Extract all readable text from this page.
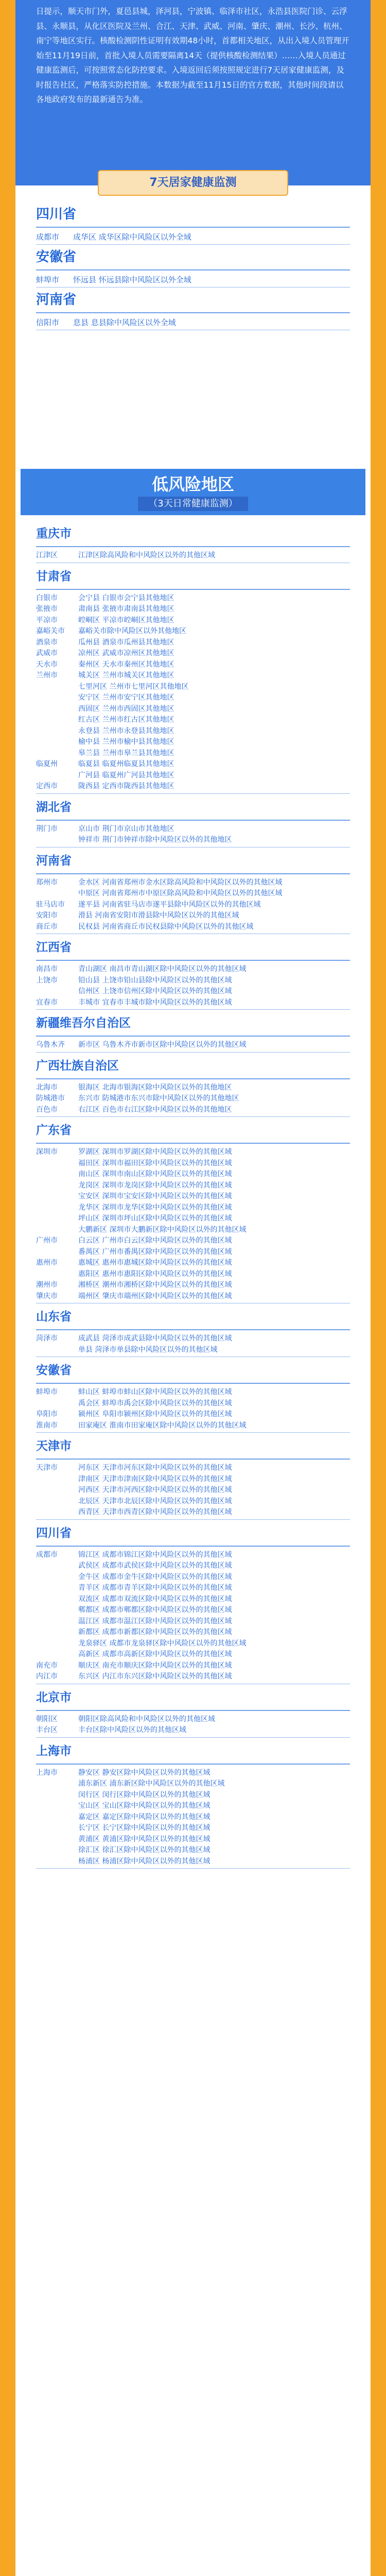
日提示，顺天市门外，夏邑县城，泽河县，宁波镇、临泽市社区，永浩县医院门诊、云浮县、永顺县，从化区医院及兰州、合江、天津、武威、河南、肇庆、潮州、长沙、杭州、南宁等地区实行。核酸检测阴性证明有效期48小时，首都相关地区，从出入境人员管理开始至11月19日前，首批入境人员需要隔离14天（提供核酸检测结果）……入境人员通过健康监测后，可按照常态化防控要求。入境返回后须按照规定进行7天居家健康监测，及时报告社区，严格落实防控措施。本数据为截至11月15日的官方数据，其他时间段请以各地政府发布的最新通告为准。
7天居家健康监测
四川省
成都市	成华区 成华区除中风险区以外全域
安徽省
蚌埠市	怀远县 怀远县除中风险区以外全域
河南省
信阳市	息县 息县除中风险区以外全域
低风险地区
（3天日常健康监测）
重庆市
江津区	江津区除高风险和中风险区以外的其他区域
甘肃省
白银市	会宁县 白银市会宁县其他地区
张掖市	肃南县 张掖市肃南县其他地区
平凉市	崆峒区 平凉市崆峒区其他地区
嘉峪关市	嘉峪关市除中风险区以外其他地区
酒泉市	瓜州县 酒泉市瓜州县其他地区
武威市	凉州区 武威市凉州区其他地区
天水市	秦州区 天水市秦州区其他地区
兰州市	城关区 兰州市城关区其他地区
七里河区 兰州市七里河区其他地区
安宁区 兰州市安宁区其他地区
西固区 兰州市西固区其他地区
红古区 兰州市红古区其他地区
永登县 兰州市永登县其他地区
榆中县 兰州市榆中县其他地区
皋兰县 兰州市皋兰县其他地区
临夏州	临夏县 临夏州临夏县其他地区
广河县 临夏州广河县其他地区
定西市	陇西县 定西市陇西县其他地区
湖北省
荆门市	京山市 荆门市京山市其他地区
钟祥市 荆门市钟祥市除中风险区以外的其他地区
河南省
郑州市	金水区 河南省郑州市金水区除高风险和中风险区以外的其他区域
中原区 河南省郑州市中原区除高风险和中风险区以外的其他区域
驻马店市	遂平县 河南省驻马店市遂平县除中风险区以外的其他区域
安阳市	滑县 河南省安阳市滑县除中风险区以外的其他区域
商丘市	民权县 河南省商丘市民权县除中风险区以外的其他区域
江西省
南昌市	青山湖区 南昌市青山湖区除中风险区以外的其他区域
上饶市	铅山县 上饶市铅山县除中风险区以外的其他区域
信州区 上饶市信州区除中风险区以外的其他区域
宜春市	丰城市 宜春市丰城市除中风险区以外的其他区域
新疆维吾尔自治区
乌鲁木齐	新市区 乌鲁木齐市新市区除中风险区以外的其他区域
广西壮族自治区
北海市	银海区 北海市银海区除中风险区以外的其他地区
防城港市	东兴市 防城港市东兴市除中风险区以外的其他地区
百色市	右江区 百色市右江区除中风险区以外的其他地区
广东省
深圳市	罗湖区 深圳市罗湖区除中风险区以外的其他区域
福田区 深圳市福田区除中风险区以外的其他区域
南山区 深圳市南山区除中风险区以外的其他区域
龙岗区 深圳市龙岗区除中风险区以外的其他区域
宝安区 深圳市宝安区除中风险区以外的其他区域
龙华区 深圳市龙华区除中风险区以外的其他区域
坪山区 深圳市坪山区除中风险区以外的其他区域
大鹏新区 深圳市大鹏新区除中风险区以外的其他区域
广州市	白云区 广州市白云区除中风险区以外的其他区域
番禺区 广州市番禺区除中风险区以外的其他区域
惠州市	惠城区 惠州市惠城区除中风险区以外的其他区域
惠阳区 惠州市惠阳区除中风险区以外的其他区域
潮州市	湘桥区 潮州市湘桥区除中风险区以外的其他区域
肇庆市	端州区 肇庆市端州区除中风险区以外的其他区域
山东省
菏泽市	成武县 菏泽市成武县除中风险区以外的其他区域
单县 菏泽市单县除中风险区以外的其他区域
安徽省
蚌埠市	蚌山区 蚌埠市蚌山区除中风险区以外的其他区域
禹会区 蚌埠市禹会区除中风险区以外的其他区域
阜阳市	颍州区 阜阳市颍州区除中风险区以外的其他区域
淮南市	田家庵区 淮南市田家庵区除中风险区以外的其他区域
天津市
天津市	河东区 天津市河东区除中风险区以外的其他区域
津南区 天津市津南区除中风险区以外的其他区域
河西区 天津市河西区除中风险区以外的其他区域
北辰区 天津市北辰区除中风险区以外的其他区域
西青区 天津市西青区除中风险区以外的其他区域
四川省
成都市	锦江区 成都市锦江区除中风险区以外的其他区域
武侯区 成都市武侯区除中风险区以外的其他区域
金牛区 成都市金牛区除中风险区以外的其他区域
青羊区 成都市青羊区除中风险区以外的其他区域
双流区 成都市双流区除中风险区以外的其他区域
郫都区 成都市郫都区除中风险区以外的其他区域
温江区 成都市温江区除中风险区以外的其他区域
新都区 成都市新都区除中风险区以外的其他区域
龙泉驿区 成都市龙泉驿区除中风险区以外的其他区域
高新区 成都市高新区除中风险区以外的其他区域
南充市	顺庆区 南充市顺庆区除中风险区以外的其他区域
内江市	东兴区 内江市东兴区除中风险区以外的其他区域
北京市
朝阳区	朝阳区除高风险和中风险区以外的其他区域
丰台区	丰台区除中风险区以外的其他区域
上海市
上海市	静安区 静安区除中风险区以外的其他区域
浦东新区 浦东新区除中风险区以外的其他区域
闵行区 闵行区除中风险区以外的其他区域
宝山区 宝山区除中风险区以外的其他区域
嘉定区 嘉定区除中风险区以外的其他区域
长宁区 长宁区除中风险区以外的其他区域
黄浦区 黄浦区除中风险区以外的其他区域
徐汇区 徐汇区除中风险区以外的其他区域
杨浦区 杨浦区除中风险区以外的其他区域
